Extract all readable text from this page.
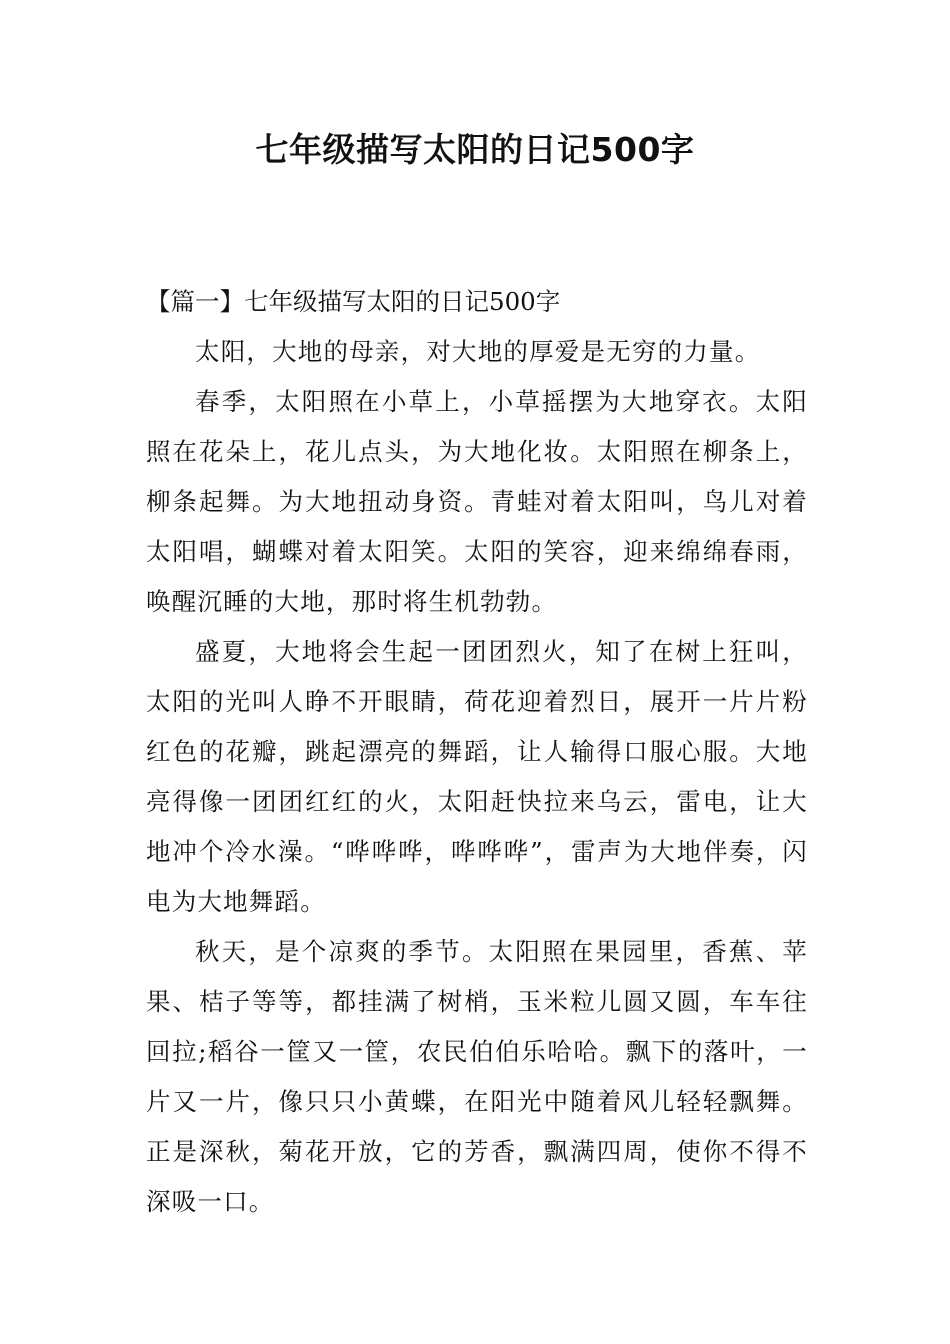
七年级描写太阳的日记500字

【篇一】七年级描写太阳的日记500字

太阳，大地的母亲，对大地的厚爱是无穷的力量。

春季，太阳照在小草上，小草摇摆为大地穿衣。太阳照在花朵上，花儿点头，为大地化妆。太阳照在柳条上，柳条起舞。为大地扭动身资。青蛙对着太阳叫，鸟儿对着太阳唱，蝴蝶对着太阳笑。太阳的笑容，迎来绵绵春雨，唤醒沉睡的大地，那时将生机勃勃。

盛夏，大地将会生起一团团烈火，知了在树上狂叫，太阳的光叫人睁不开眼睛，荷花迎着烈日，展开一片片粉红色的花瓣，跳起漂亮的舞蹈，让人输得口服心服。大地亮得像一团团红红的火，太阳赶快拉来乌云，雷电，让大地冲个冷水澡。“哗哗哗，哗哗哗”，雷声为大地伴奏，闪电为大地舞蹈。

秋天，是个凉爽的季节。太阳照在果园里，香蕉、苹果、桔子等等，都挂满了树梢，玉米粒儿圆又圆，车车往回拉;稻谷一筐又一筐，农民伯伯乐哈哈。飘下的落叶，一片又一片，像只只小黄蝶，在阳光中随着风儿轻轻飘舞。正是深秋，菊花开放，它的芳香，飘满四周，使你不得不深吸一口。
